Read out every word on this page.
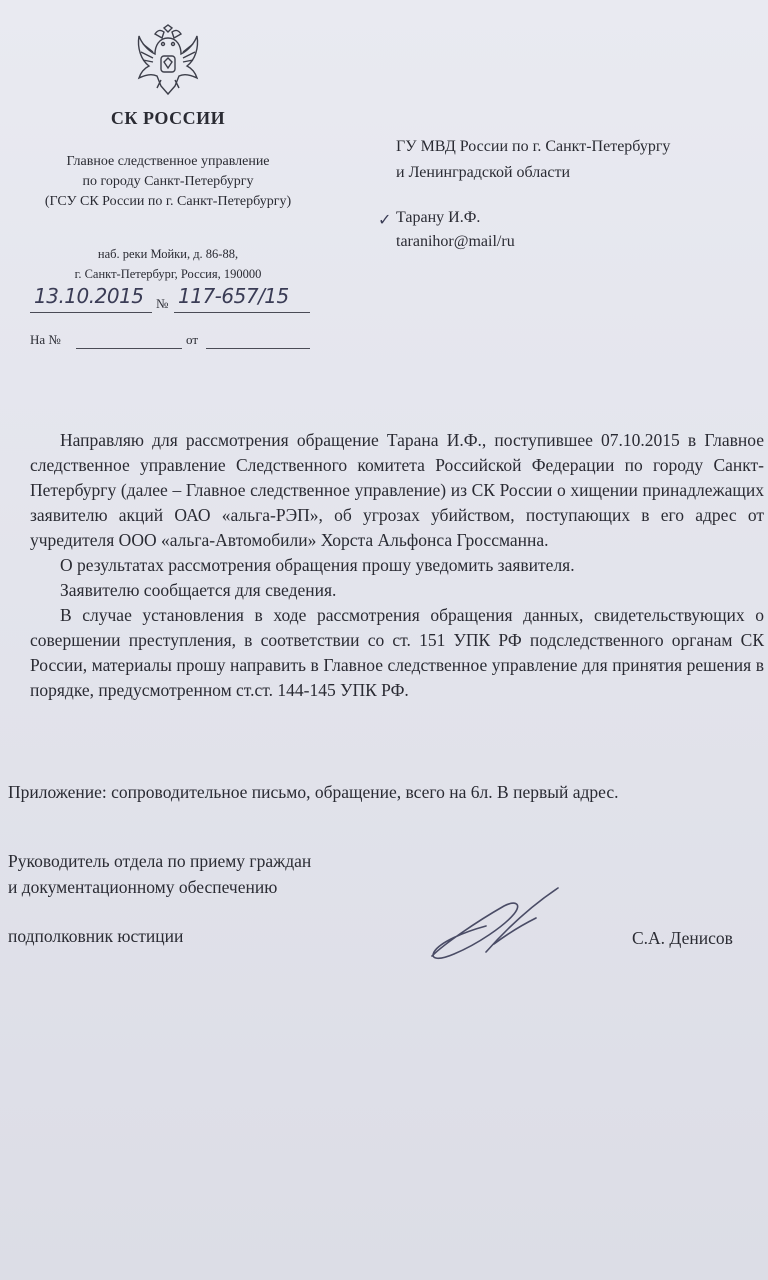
СК РОССИИ
Главное следственное управление
по городу Санкт-Петербургу
(ГСУ СК России по г. Санкт-Петербургу)
наб. реки Мойки, д. 86-88,
г. Санкт-Петербург, Россия, 190000
13.10.2015 № 117-657/15
На №	от
ГУ МВД России по г. Санкт-Петербургу
и Ленинградской области
✓ Тарану И.Ф.
taranihor@mail/ru

Направляю для рассмотрения обращение Тарана И.Ф., поступившее 07.10.2015 в Главное следственное управление Следственного комитета Российской Федерации по городу Санкт-Петербургу (далее – Главное следственное управление) из СК России о хищении принадлежащих заявителю акций ОАО «альга-РЭП», об угрозах убийством, поступающих в его адрес от учредителя ООО «альга-Автомобили» Хорста Альфонса Гроссманна.

О результатах рассмотрения обращения прошу уведомить заявителя.

Заявителю сообщается для сведения.

В случае установления в ходе рассмотрения обращения данных, свидетельствующих о совершении преступления, в соответствии со ст. 151 УПК РФ подследственного органам СК России, материалы прошу направить в Главное следственное управление для принятия решения в порядке, предусмотренном ст.ст. 144-145 УПК РФ.

Приложение: сопроводительное письмо, обращение, всего на 6л. В первый адрес.
Руководитель отдела по приему граждан
и документационному обеспечению
подполковник юстиции	С.А. Денисов
